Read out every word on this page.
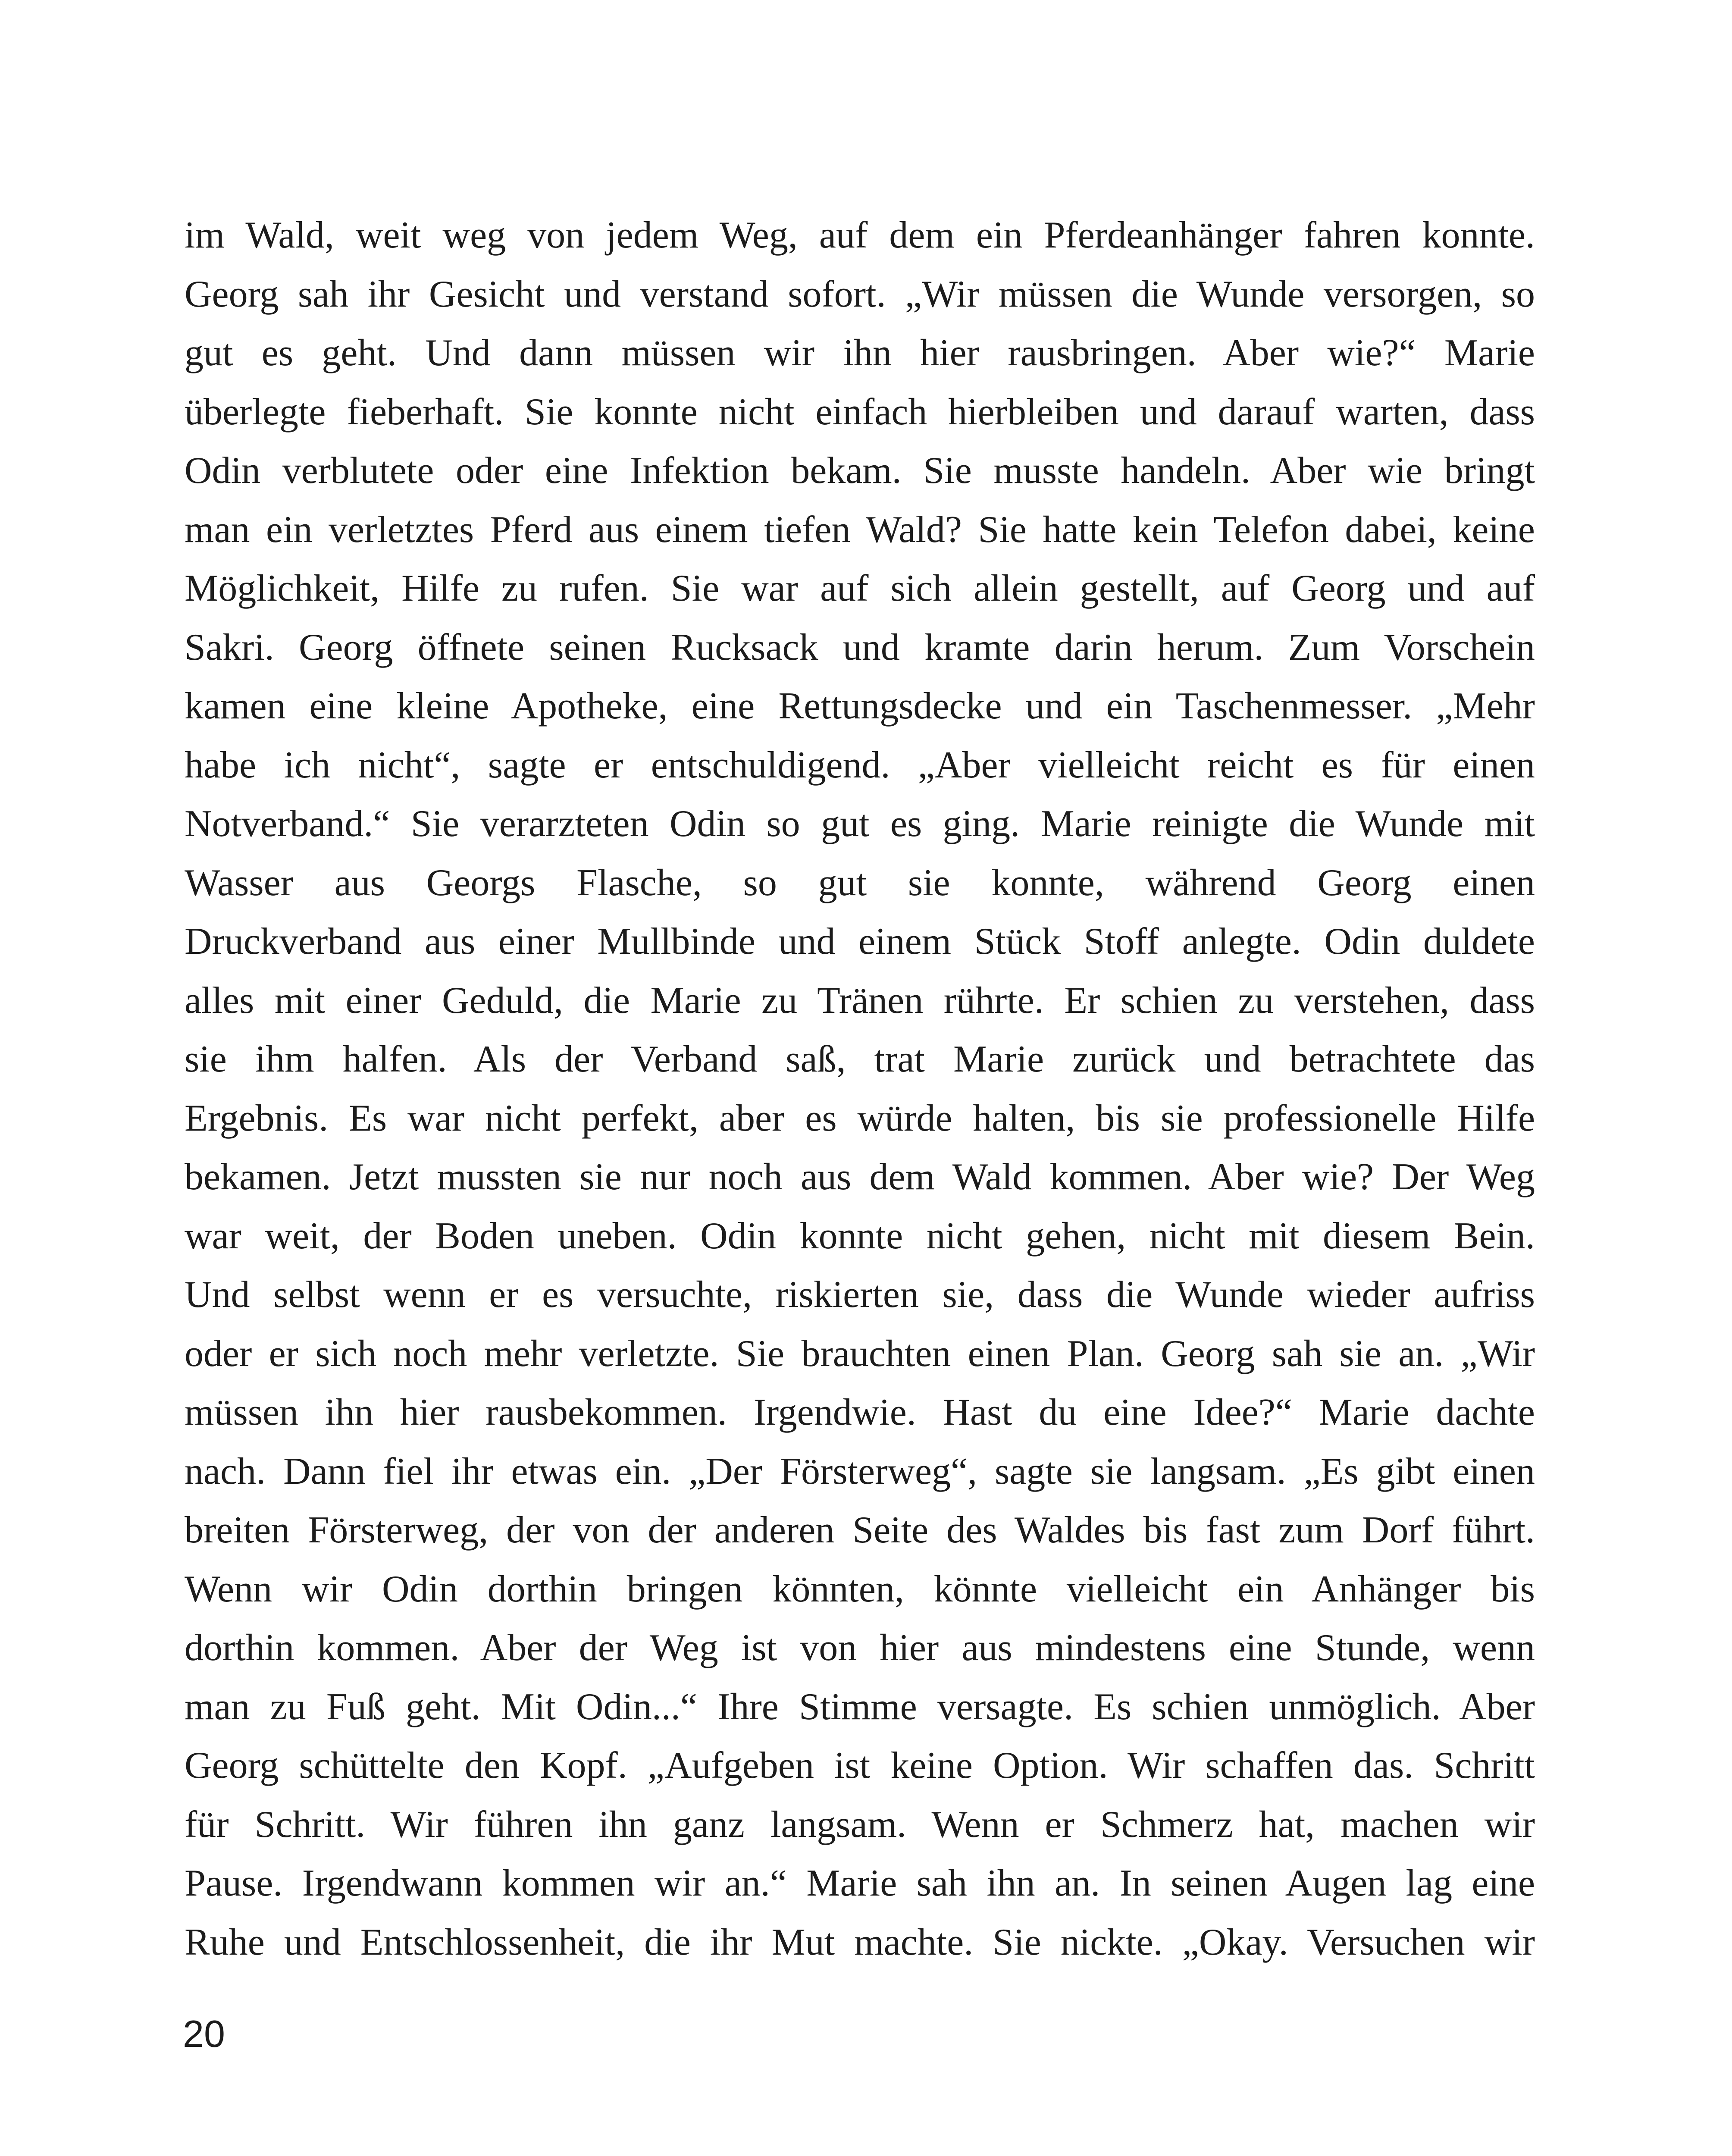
im Wald, weit weg von jedem Weg, auf dem ein Pferdeanhänger fahren konnte.
Georg sah ihr Gesicht und verstand sofort. „Wir müssen die Wunde versorgen, so
gut es geht. Und dann müssen wir ihn hier rausbringen. Aber wie?“ Marie
überlegte fieberhaft. Sie konnte nicht einfach hierbleiben und darauf warten, dass
Odin verblutete oder eine Infektion bekam. Sie musste handeln. Aber wie bringt
man ein verletztes Pferd aus einem tiefen Wald? Sie hatte kein Telefon dabei, keine
Möglichkeit, Hilfe zu rufen. Sie war auf sich allein gestellt, auf Georg und auf
Sakri. Georg öffnete seinen Rucksack und kramte darin herum. Zum Vorschein
kamen eine kleine Apotheke, eine Rettungsdecke und ein Taschenmesser. „Mehr
habe ich nicht“, sagte er entschuldigend. „Aber vielleicht reicht es für einen
Notverband.“ Sie verarzteten Odin so gut es ging. Marie reinigte die Wunde mit
Wasser aus Georgs Flasche, so gut sie konnte, während Georg einen
Druckverband aus einer Mullbinde und einem Stück Stoff anlegte. Odin duldete
alles mit einer Geduld, die Marie zu Tränen rührte. Er schien zu verstehen, dass
sie ihm halfen. Als der Verband saß, trat Marie zurück und betrachtete das
Ergebnis. Es war nicht perfekt, aber es würde halten, bis sie professionelle Hilfe
bekamen. Jetzt mussten sie nur noch aus dem Wald kommen. Aber wie? Der Weg
war weit, der Boden uneben. Odin konnte nicht gehen, nicht mit diesem Bein.
Und selbst wenn er es versuchte, riskierten sie, dass die Wunde wieder aufriss
oder er sich noch mehr verletzte. Sie brauchten einen Plan. Georg sah sie an. „Wir
müssen ihn hier rausbekommen. Irgendwie. Hast du eine Idee?“ Marie dachte
nach. Dann fiel ihr etwas ein. „Der Försterweg“, sagte sie langsam. „Es gibt einen
breiten Försterweg, der von der anderen Seite des Waldes bis fast zum Dorf führt.
Wenn wir Odin dorthin bringen könnten, könnte vielleicht ein Anhänger bis
dorthin kommen. Aber der Weg ist von hier aus mindestens eine Stunde, wenn
man zu Fuß geht. Mit Odin...“ Ihre Stimme versagte. Es schien unmöglich. Aber
Georg schüttelte den Kopf. „Aufgeben ist keine Option. Wir schaffen das. Schritt
für Schritt. Wir führen ihn ganz langsam. Wenn er Schmerz hat, machen wir
Pause. Irgendwann kommen wir an.“ Marie sah ihn an. In seinen Augen lag eine
Ruhe und Entschlossenheit, die ihr Mut machte. Sie nickte. „Okay. Versuchen wir
20
